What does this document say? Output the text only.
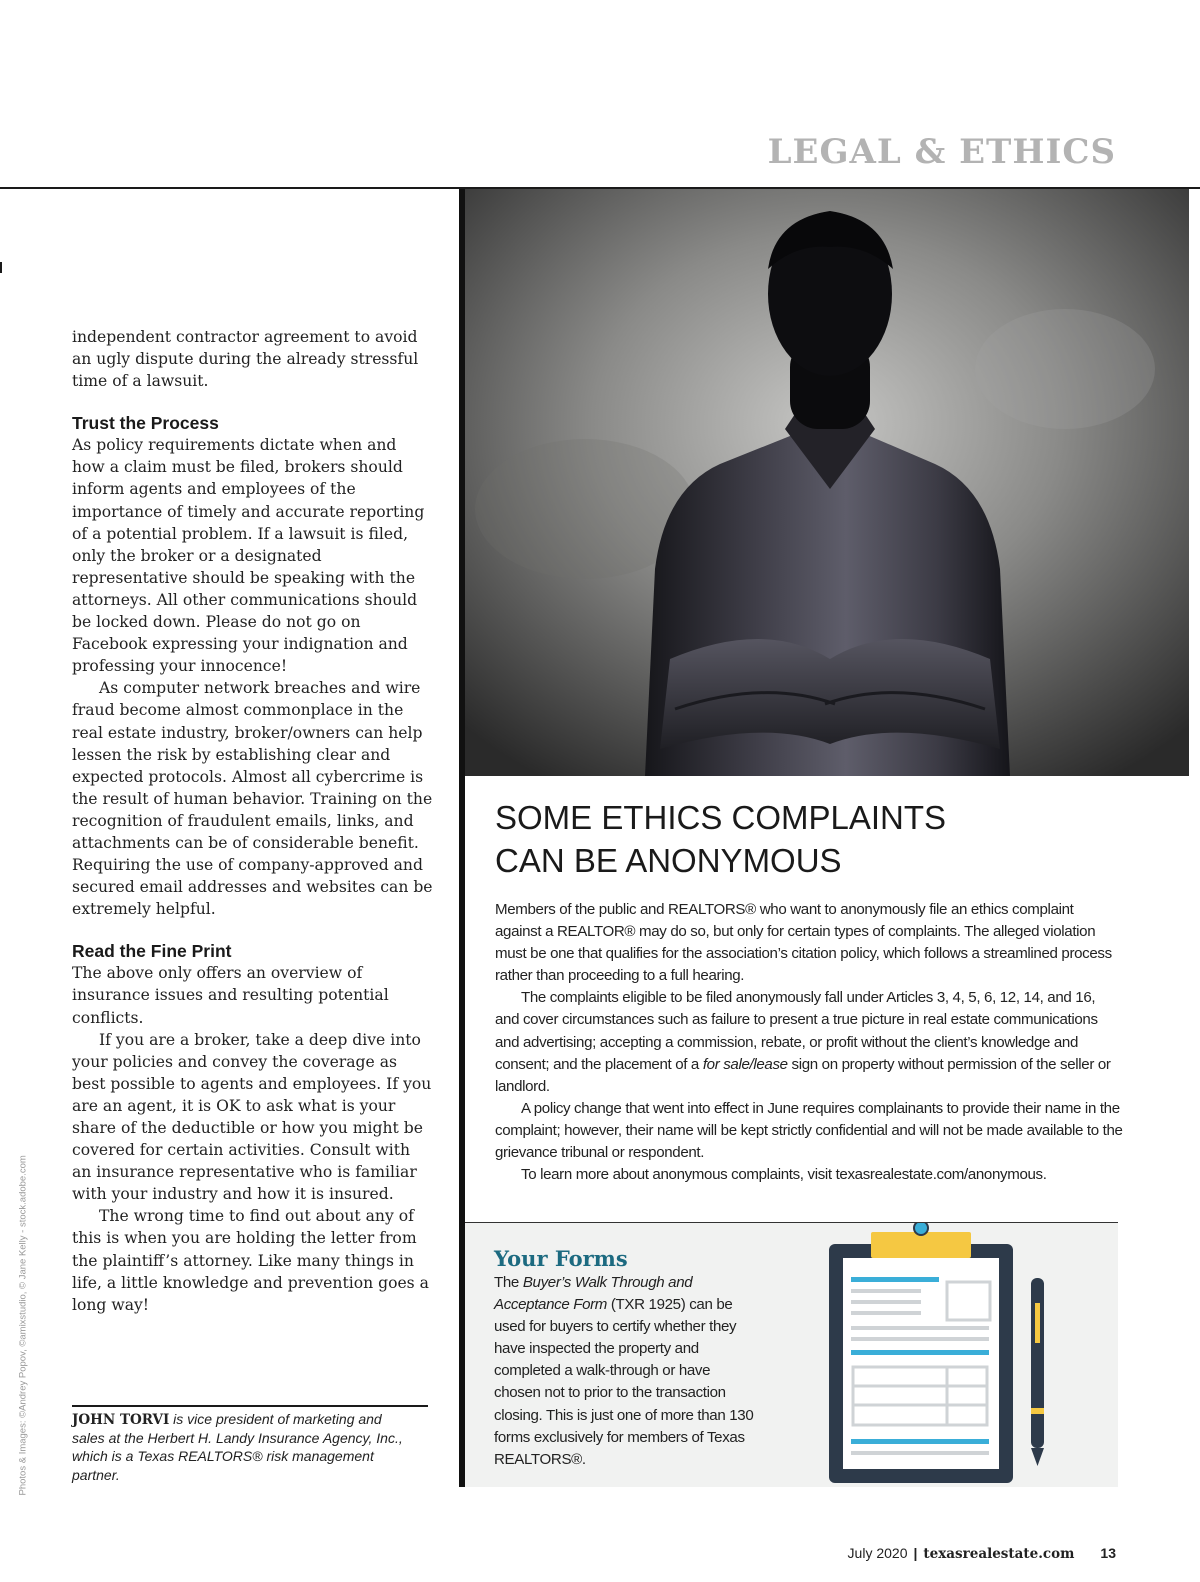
LEGAL & ETHICS

independent contractor agreement to avoid an ugly dispute during the already stressful time of a lawsuit.

Trust the Process

As policy requirements dictate when and how a claim must be filed, brokers should inform agents and employees of the importance of timely and accurate reporting of a potential problem. If a lawsuit is filed, only the broker or a designated representative should be speaking with the attorneys. All other communications should be locked down. Please do not go on Facebook expressing your indignation and professing your innocence!

As computer network breaches and wire fraud become almost commonplace in the real estate industry, broker/owners can help lessen the risk by establishing clear and expected protocols. Almost all cybercrime is the result of human behavior. Training on the recognition of fraudulent emails, links, and attachments can be of considerable benefit. Requiring the use of company-approved and secured email addresses and websites can be extremely helpful.

Read the Fine Print

The above only offers an overview of insurance issues and resulting potential conflicts.

If you are a broker, take a deep dive into your policies and convey the coverage as best possible to agents and employees. If you are an agent, it is OK to ask what is your share of the deductible or how you might be covered for certain activities. Consult with an insurance representative who is familiar with your industry and how it is insured.

The wrong time to find out about any of this is when you are holding the letter from the plaintiff’s attorney. Like many things in life, a little knowledge and prevention goes a long way!

JOHN TORVI is vice president of marketing and sales at the Herbert H. Landy Insurance Agency, Inc., which is a Texas REALTORS® risk management partner.
Photos & Images: ©Andrey Popov, ©amixstudio, © Jane Kelly - stock.adobe.com
SOME ETHICS COMPLAINTS
CAN BE ANONYMOUS

Members of the public and REALTORS® who want to anonymously file an ethics complaint against a REALTOR® may do so, but only for certain types of complaints. The alleged violation must be one that qualifies for the association’s citation policy, which follows a streamlined process rather than proceeding to a full hearing.

The complaints eligible to be filed anonymously fall under Articles 3, 4, 5, 6, 12, 14, and 16, and cover circumstances such as failure to present a true picture in real estate communications and advertising; accepting a commission, rebate, or profit without the client’s knowledge and consent; and the placement of a for sale/lease sign on property without permission of the seller or landlord.

A policy change that went into effect in June requires complainants to provide their name in the complaint; however, their name will be kept strictly confidential and will not be made available to the grievance tribunal or respondent.

To learn more about anonymous complaints, visit texasrealestate.com/anonymous.

Your Forms
The Buyer’s Walk Through and Acceptance Form (TXR 1925) can be used for buyers to certify whether they have inspected the property and completed a walk-through or have chosen not to prior to the transaction closing. This is just one of more than 130 forms exclusively for members of Texas REALTORS®.
July 2020 | texasrealestate.com 13
